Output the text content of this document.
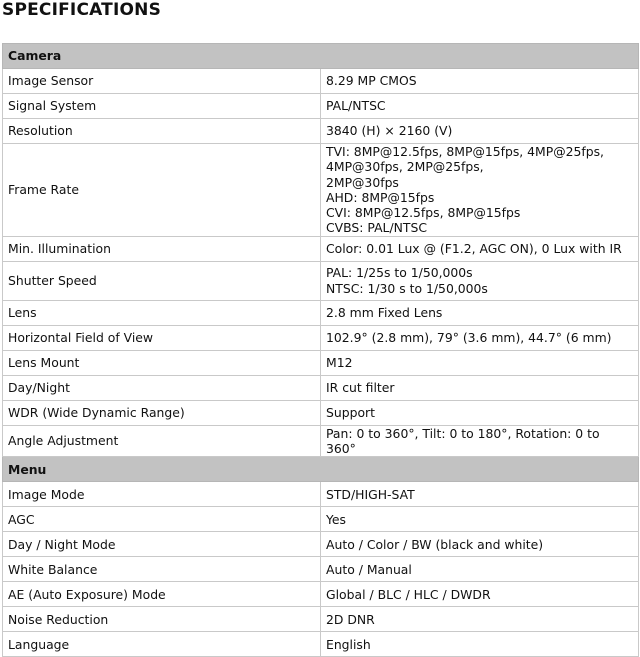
SPECIFICATIONS
Camera	
Image Sensor	8.29 MP CMOS

Signal System	PAL/NTSC

Resolution	3840 (H) × 2160 (V)

Frame Rate	TVI: 8MP@12.5fps, 8MP@15fps, 4MP@25fps, 4MP@30fps, 2MP@25fps,
2MP@30fps
AHD: 8MP@15fps
CVI: 8MP@12.5fps, 8MP@15fps
CVBS: PAL/NTSC

Min. Illumination	Color: 0.01 Lux @ (F1.2, AGC ON), 0 Lux with IR

Shutter Speed	PAL: 1/25s to 1/50,000s
NTSC: 1/30 s to 1/50,000s

Lens	2.8 mm Fixed Lens

Horizontal Field of View	102.9° (2.8 mm), 79° (3.6 mm), 44.7° (6 mm)

Lens Mount	M12

Day/Night	IR cut filter

WDR (Wide Dynamic Range)	Support

Angle Adjustment	Pan: 0 to 360°, Tilt: 0 to 180°, Rotation: 0 to 360°

Menu	
Image Mode	STD/HIGH-SAT

AGC	Yes

Day / Night Mode	Auto / Color / BW (black and white)

White Balance	Auto / Manual

AE (Auto Exposure) Mode	Global / BLC / HLC / DWDR

Noise Reduction	2D DNR

Language	English
